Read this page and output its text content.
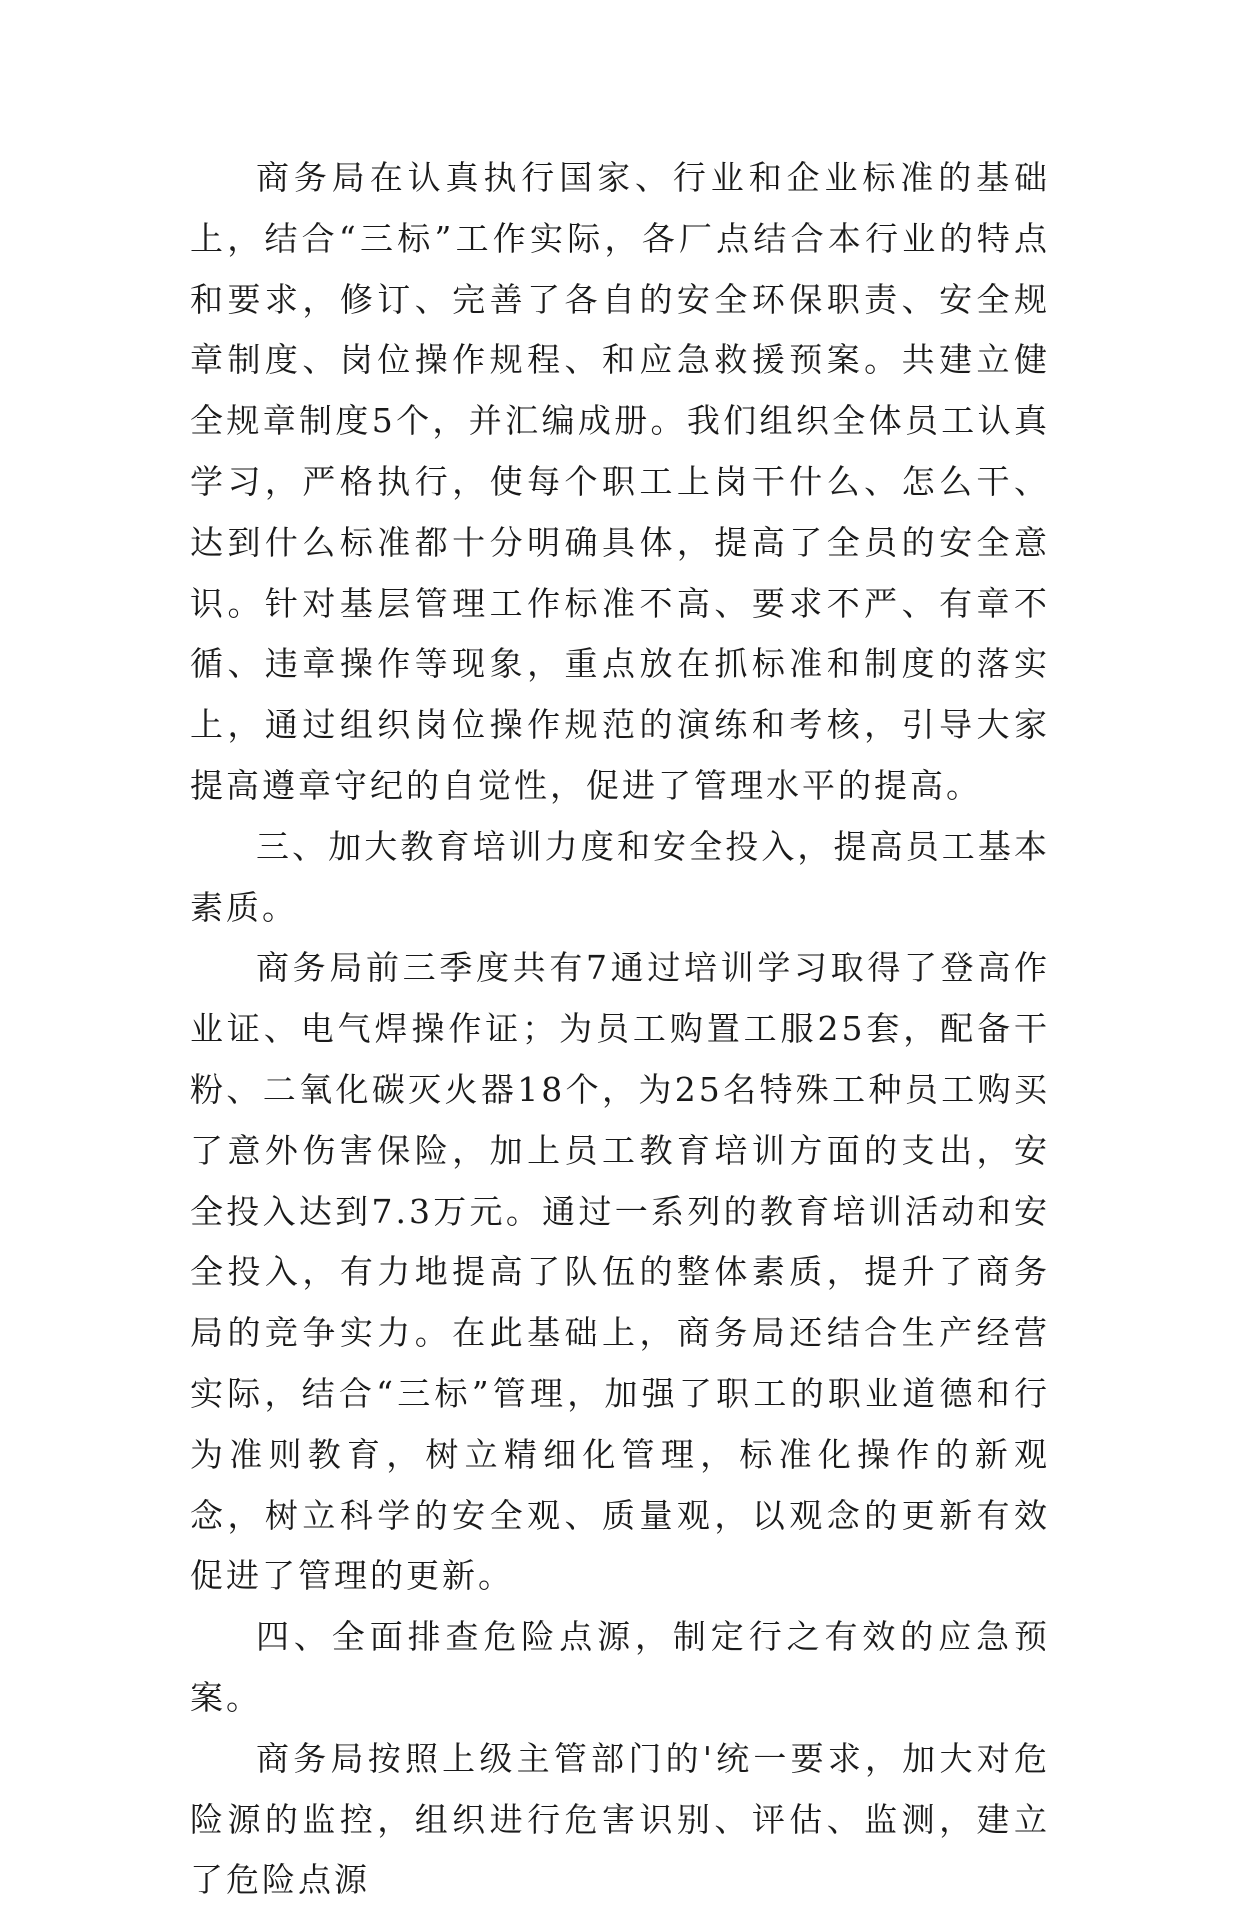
商务局在认真执行国家、行业和企业标准的基础上，结合“三标”工作实际，各厂点结合本行业的特点和要求，修订、完善了各自的安全环保职责、安全规章制度、岗位操作规程、和应急救援预案。共建立健全规章制度5个，并汇编成册。我们组织全体员工认真学习，严格执行，使每个职工上岗干什么、怎么干、达到什么标准都十分明确具体，提高了全员的安全意识。针对基层管理工作标准不高、要求不严、有章不循、违章操作等现象，重点放在抓标准和制度的落实上，通过组织岗位操作规范的演练和考核，引导大家提高遵章守纪的自觉性，促进了管理水平的提高。

三、加大教育培训力度和安全投入，提高员工基本素质。

商务局前三季度共有7通过培训学习取得了登高作业证、电气焊操作证；为员工购置工服25套，配备干粉、二氧化碳灭火器18个，为25名特殊工种员工购买了意外伤害保险，加上员工教育培训方面的支出，安全投入达到7.3万元。通过一系列的教育培训活动和安全投入，有力地提高了队伍的整体素质，提升了商务局的竞争实力。在此基础上，商务局还结合生产经营实际，结合“三标”管理，加强了职工的职业道德和行为准则教育，树立精细化管理，标准化操作的新观念，树立科学的安全观、质量观，以观念的更新有效促进了管理的更新。

四、全面排查危险点源，制定行之有效的应急预案。

商务局按照上级主管部门的'统一要求，加大对危险源的监控，组织进行危害识别、评估、监测，建立了危险点源
